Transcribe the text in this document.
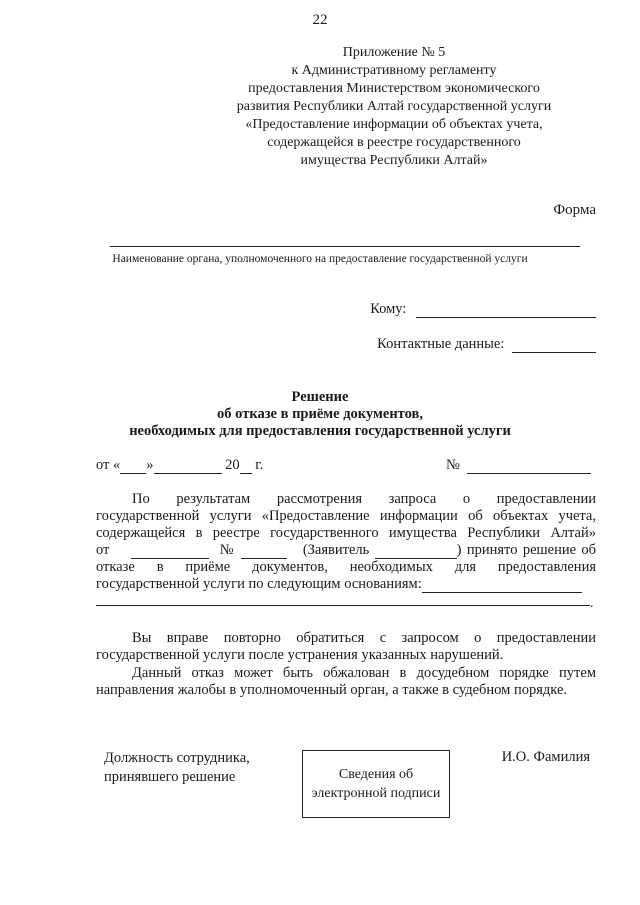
22
Приложение № 5
к Административному регламенту
предоставления Министерством экономического
развития Республики Алтай государственной услуги
«Предоставление информации об объектах учета,
содержащейся в реестре государственного
имущества Республики Алтай»
Форма
Наименование органа, уполномоченного на предоставление государственной услуги
Кому:
Контактные данные:
Решение
об отказе в приёме документов,
необходимых для предоставления государственной услуги
от « »	20 г.	№
По результатам рассмотрения запроса о предоставлении
государственной услуги «Предоставление информации об объектах учета,
содержащейся в реестре государственного имущества Республики Алтай»
от	№	(Заявитель	) принято решение об
отказе в приёме документов, необходимых для предоставления
государственной услуги по следующим основаниям:
.
Вы вправе повторно обратиться с запросом о предоставлении
государственной услуги после устранения указанных нарушений.
Данный отказ может быть обжалован в досудебном порядке путем
направления жалобы в уполномоченный орган, а также в судебном порядке.
Должность сотрудника,
принявшего решение	Сведения об
электронной подписи
И.О. Фамилия
